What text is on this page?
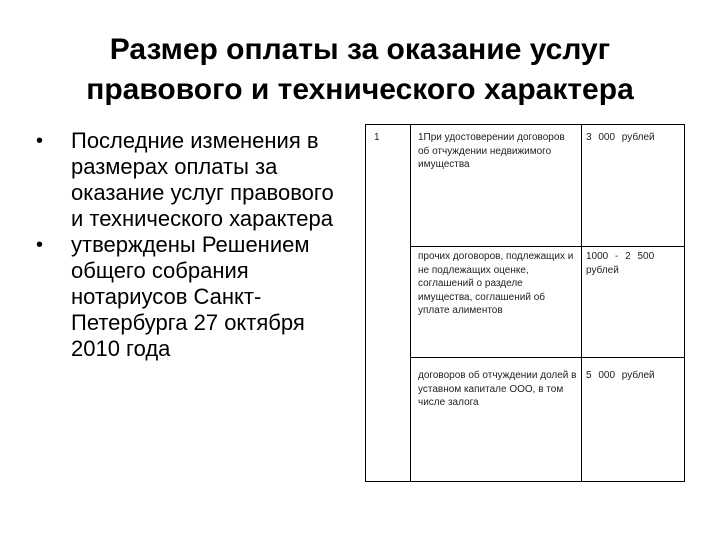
Размер оплаты за оказание услуг
правового и технического характера
• Последние изменения в размерах оплаты за оказание услуг правового и технического характера
• утверждены Решением общего собрания нотариусов Санкт-Петербурга 27 октября 2010 года
1	1При удостоверении договоров об отчуждении недвижимого имущества
3 000 рублей
прочих договоров, подлежащих и не подлежащих оценке, соглашений о разделе имущества, соглашений об уплате алиментов
1000 - 2 500 рублей
договоров об отчуждении долей в уставном капитале ООО, в том числе залога
5 000 рублей
